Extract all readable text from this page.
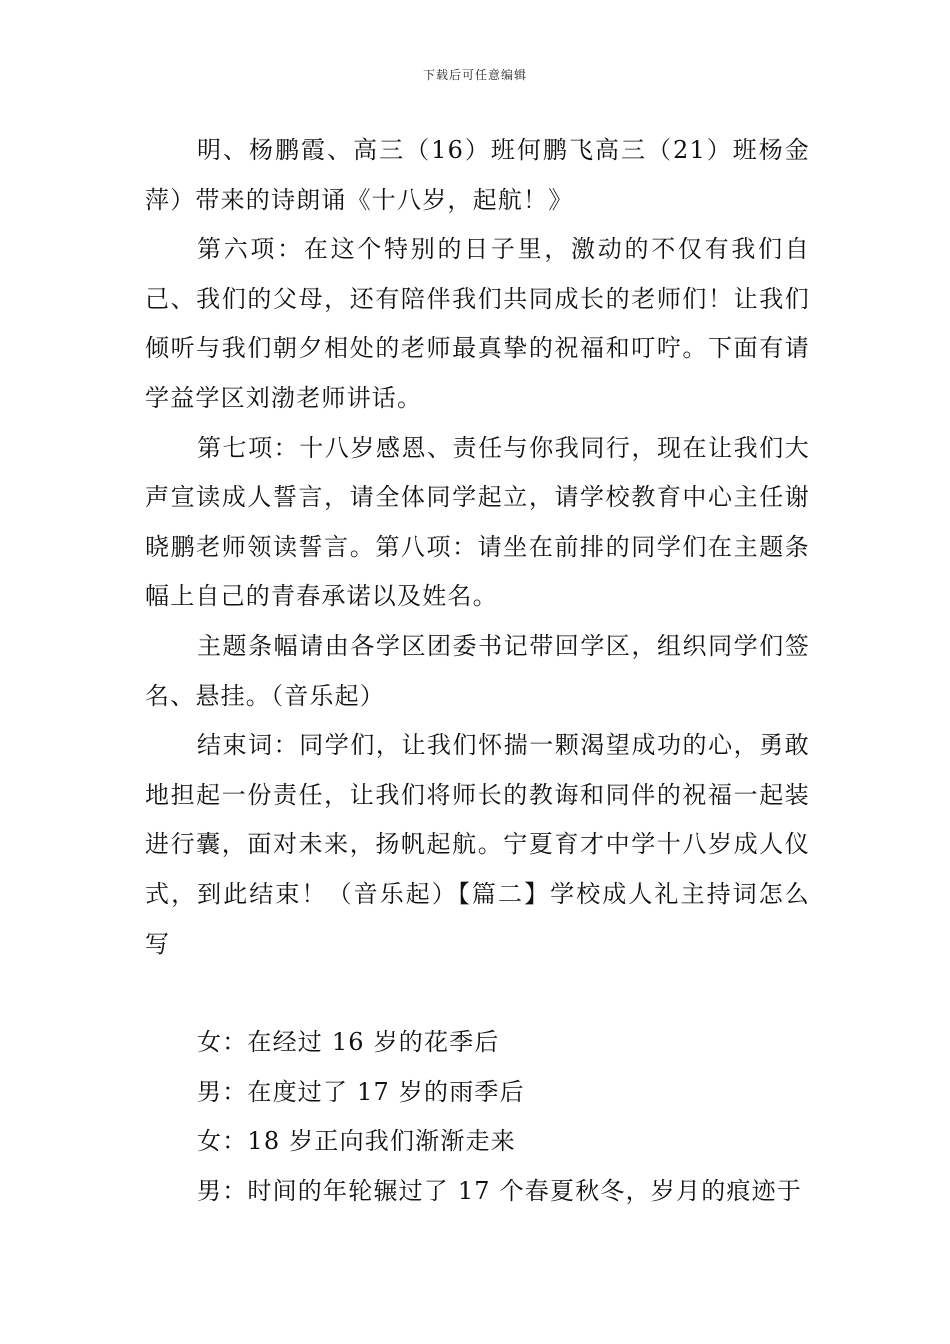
下载后可任意编辑

明、杨鹏霞、高三（16）班何鹏飞高三（21）班杨金萍）带来的诗朗诵《十八岁，起航！》

第六项：在这个特别的日子里，激动的不仅有我们自己、我们的父母，还有陪伴我们共同成长的老师们！让我们倾听与我们朝夕相处的老师最真挚的祝福和叮咛。下面有请学益学区刘渤老师讲话。

第七项：十八岁感恩、责任与你我同行，现在让我们大声宣读成人誓言，请全体同学起立，请学校教育中心主任谢晓鹏老师领读誓言。第八项：请坐在前排的同学们在主题条幅上自己的青春承诺以及姓名。

主题条幅请由各学区团委书记带回学区，组织同学们签名、悬挂。（音乐起）

结束词：同学们，让我们怀揣一颗渴望成功的心，勇敢地担起一份责任，让我们将师长的教诲和同伴的祝福一起装进行囊，面对未来，扬帆起航。宁夏育才中学十八岁成人仪式，到此结束！（音乐起）【篇二】学校成人礼主持词怎么写

女：在经过 16 岁的花季后

男：在度过了 17 岁的雨季后

女：18 岁正向我们渐渐走来

男：时间的年轮辗过了 17 个春夏秋冬，岁月的痕迹于
